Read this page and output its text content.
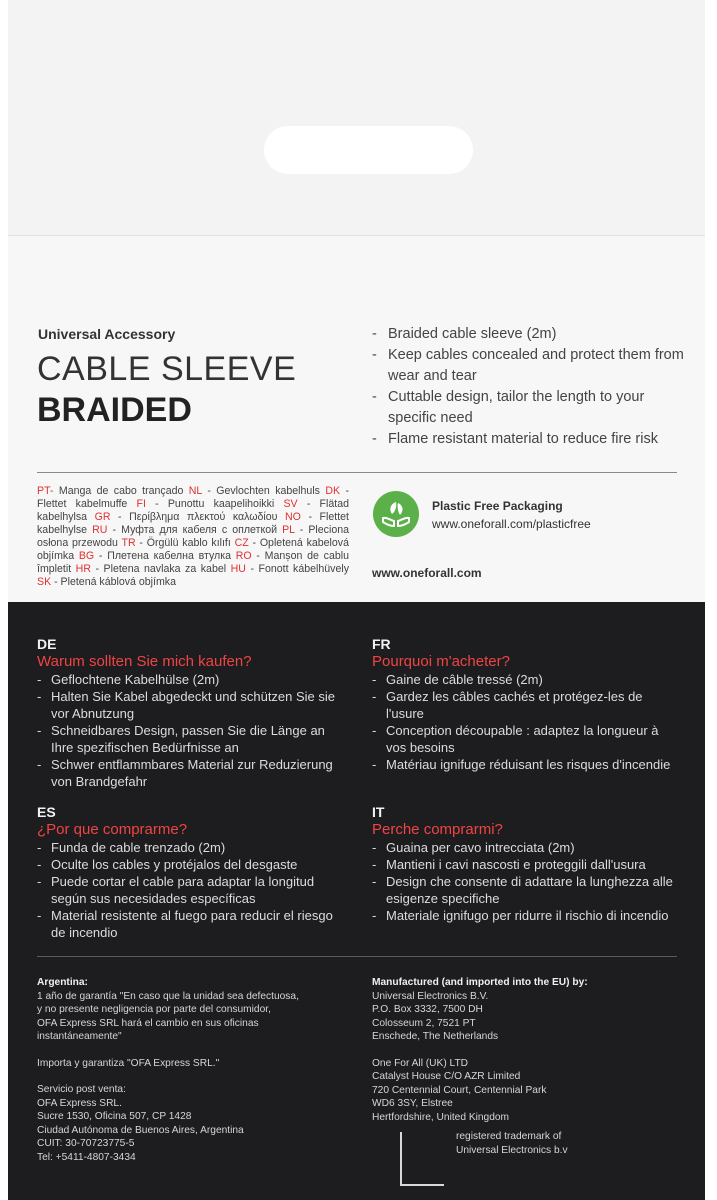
Universal Accessory
CABLE SLEEVE
BRAIDED
- Braided cable sleeve (2m)
- Keep cables concealed and protect them from wear and tear
- Cuttable design, tailor the length to your specific need
- Flame resistant material to reduce fire risk
PT- Manga de cabo trançado NL - Gevlochten kabelhuls DK - Flettet kabelmuffe FI - Punottu kaapelihoikki SV - Flätad kabelhylsa GR - Περίβλημα πλεκτού καλωδίου NO - Flettet kabelhylse RU - Муфта для кабеля с оплеткой PL - Pleciona osłona przewodu TR - Örgülü kablo kılıfı CZ - Opletená kabelová objímka BG - Плетена кабелна втулка RO - Manșon de cablu împletit HR - Pletena navlaka za kabel HU - Fonott kábelhüvely SK - Pletená káblová objímka
Plastic Free Packaging
www.oneforall.com/plasticfree
www.oneforall.com
DE
Warum sollten Sie mich kaufen?
- Geflochtene Kabelhülse (2m)
- Halten Sie Kabel abgedeckt und schützen Sie sie vor Abnutzung
- Schneidbares Design, passen Sie die Länge an Ihre spezifischen Bedürfnisse an
- Schwer entflammbares Material zur Reduzierung von Brandgefahr
FR
Pourquoi m'acheter?
- Gaine de câble tressé (2m)
- Gardez les câbles cachés et protégez-les de l'usure
- Conception découpable : adaptez la longueur à vos besoins
- Matériau ignifuge réduisant les risques d'incendie
ES
¿Por que comprarme?
- Funda de cable trenzado (2m)
- Oculte los cables y protéjalos del desgaste
- Puede cortar el cable para adaptar la longitud según sus necesidades específicas
- Material resistente al fuego para reducir el riesgo de incendio
IT
Perche comprarmi?
- Guaina per cavo intrecciata (2m)
- Mantieni i cavi nascosti e proteggili dall'usura
- Design che consente di adattare la lunghezza alle esigenze specifiche
- Materiale ignifugo per ridurre il rischio di incendio
Argentina:
1 año de garantía "En caso que la unidad sea defectuosa,
y no presente negligencia por parte del consumidor,
OFA Express SRL hará el cambio en sus oficinas
instantáneamente"
Importa y garantiza "OFA Express SRL."
Servicio post venta:
OFA Express SRL.
Sucre 1530, Oficina 507, CP 1428
Ciudad Autónoma de Buenos Aires, Argentina
CUIT: 30-70723775-5
Tel: +5411-4807-3434
Manufactured (and imported into the EU) by:
Universal Electronics B.V.
P.O. Box 3332, 7500 DH
Colosseum 2, 7521 PT
Enschede, The Netherlands
One For All (UK) LTD
Catalyst House C/O AZR Limited
720 Centennial Court, Centennial Park
WD6 3SY, Elstree
Hertfordshire, United Kingdom
registered trademark of
Universal Electronics b.v
